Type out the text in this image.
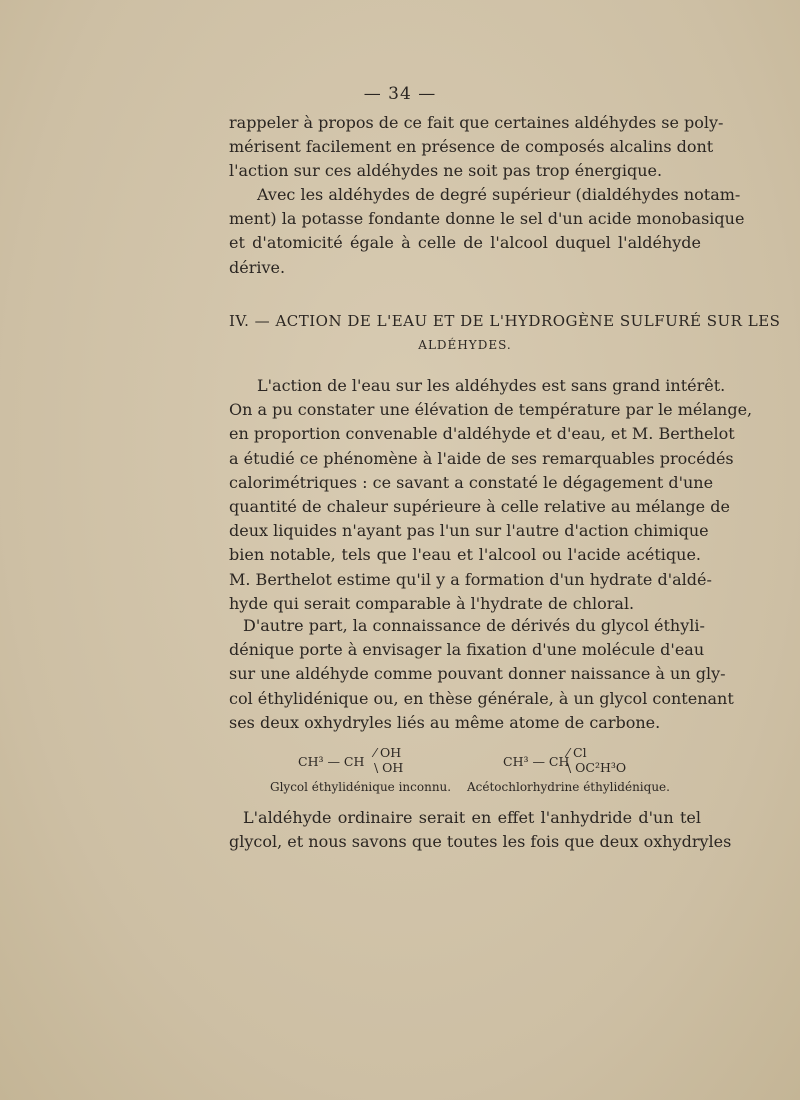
— 34 —

rappeler à propos de ce fait que certaines aldéhydes se poly-
mérisent facilement en présence de composés alcalins dont
l'action sur ces aldéhydes ne soit pas trop énergique.

Avec les aldéhydes de degré supérieur (dialdéhydes notam-
ment) la potasse fondante donne le sel d'un acide monobasique
et d'atomicité égale à celle de l'alcool duquel l'aldéhyde
dérive.

IV. — ACTION DE L'EAU ET DE L'HYDROGÈNE SULFURÉ SUR LES
ALDÉHYDES.

L'action de l'eau sur les aldéhydes est sans grand intérêt.
On a pu constater une élévation de température par le mélange,
en proportion convenable d'aldéhyde et d'eau, et M. Berthelot
a étudié ce phénomène à l'aide de ses remarquables procédés
calorimétriques : ce savant a constaté le dégagement d'une
quantité de chaleur supérieure à celle relative au mélange de
deux liquides n'ayant pas l'un sur l'autre d'action chimique
bien notable, tels que l'eau et l'alcool ou l'acide acétique.
M. Berthelot estime qu'il y a formation d'un hydrate d'aldé-
hyde qui serait comparable à l'hydrate de chloral.

D'autre part, la connaissance de dérivés du glycol éthyli-
dénique porte à envisager la fixation d'une molécule d'eau
sur une aldéhyde comme pouvant donner naissance à un gly-
col éthylidénique ou, en thèse générale, à un glycol contenant
ses deux oxhydryles liés au même atome de carbone.

CH³ — CH
⁄ OH
\ OH
Glycol éthylidénique inconnu.
CH³ — CH
⁄ Cl
\ OC²H³O
Acétochlorhydrine éthylidénique.

L'aldéhyde ordinaire serait en effet l'anhydride d'un tel
glycol, et nous savons que toutes les fois que deux oxhydryles
